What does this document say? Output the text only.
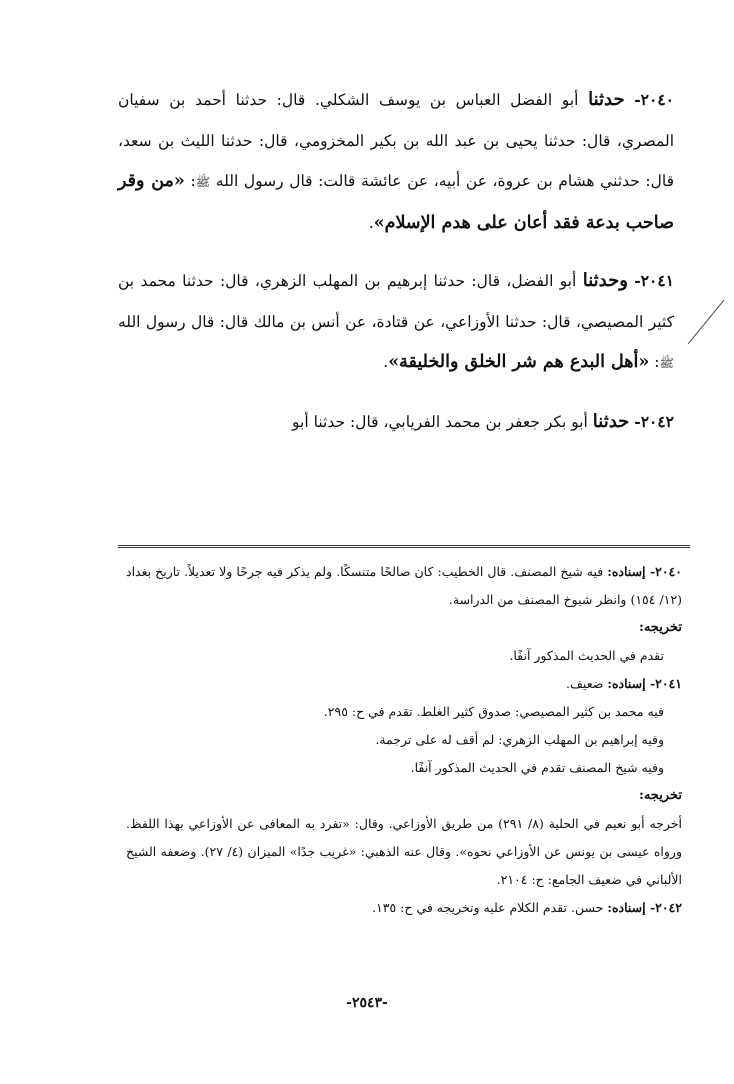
٢٠٤٠- حدثنا أبو الفضل العباس بن يوسف الشكلي. قال: حدثنا أحمد بن سفيان المصري، قال: حدثنا يحيى بن عبد الله بن بكير المخزومي، قال: حدثنا الليث بن سعد، قال: حدثني هشام بن عروة، عن أبيه، عن عائشة قالت: قال رسول الله ﷺ: «من وقر صاحب بدعة فقد أعان على هدم الإسلام».

٢٠٤١- وحدثنا أبو الفضل، قال: حدثنا إبرهيم بن المهلب الزهري، قال: حدثنا محمد بن كثير المصيصي، قال: حدثنا الأوزاعي، عن قتادة، عن أنس بن مالك قال: قال رسول الله ﷺ: «أهل البدع هم شر الخلق والخليقة».

٢٠٤٢- حدثنا أبو بكر جعفر بن محمد الفريابي، قال: حدثنا أبو

٢٠٤٠- إسناده: فيه شيخ المصنف. قال الخطيب: كان صالحًا متنسكًا. ولم يذكر فيه جرحًا ولا تعديلاً. تاريخ بغداد (١٢/ ١٥٤) وانظر شيوخ المصنف من الدراسة.

تخريجه:

تقدم في الحديث المذكور آنفًا.

٢٠٤١- إسناده: ضعيف.

فيه محمد بن كثير المصيصي: صدوق كثير الغلط. تقدم في ح: ٢٩٥.

وفيه إبراهيم بن المهلب الزهري: لم أقف له على ترجمة.

وفيه شيخ المصنف تقدم في الحديث المذكور آنفًا.

تخريجه:

أخرجه أبو نعيم في الحلية (٨/ ٢٩١) من طريق الأوزاعي. وقال: «تفرد به المعافى عن الأوزاعي بهذا اللفظ. ورواه عيسى بن يونس عن الأوزاعي نحوه». وقال عنه الذهبي: «غريب جدًا» الميزان (٤/ ٢٧). وضعفه الشيخ الألباني في ضعيف الجامع: ح: ٢١٠٤.

٢٠٤٢- إسناده: حسن. تقدم الكلام عليه وتخريجه في ح: ١٣٥.

-٢٥٤٣-
